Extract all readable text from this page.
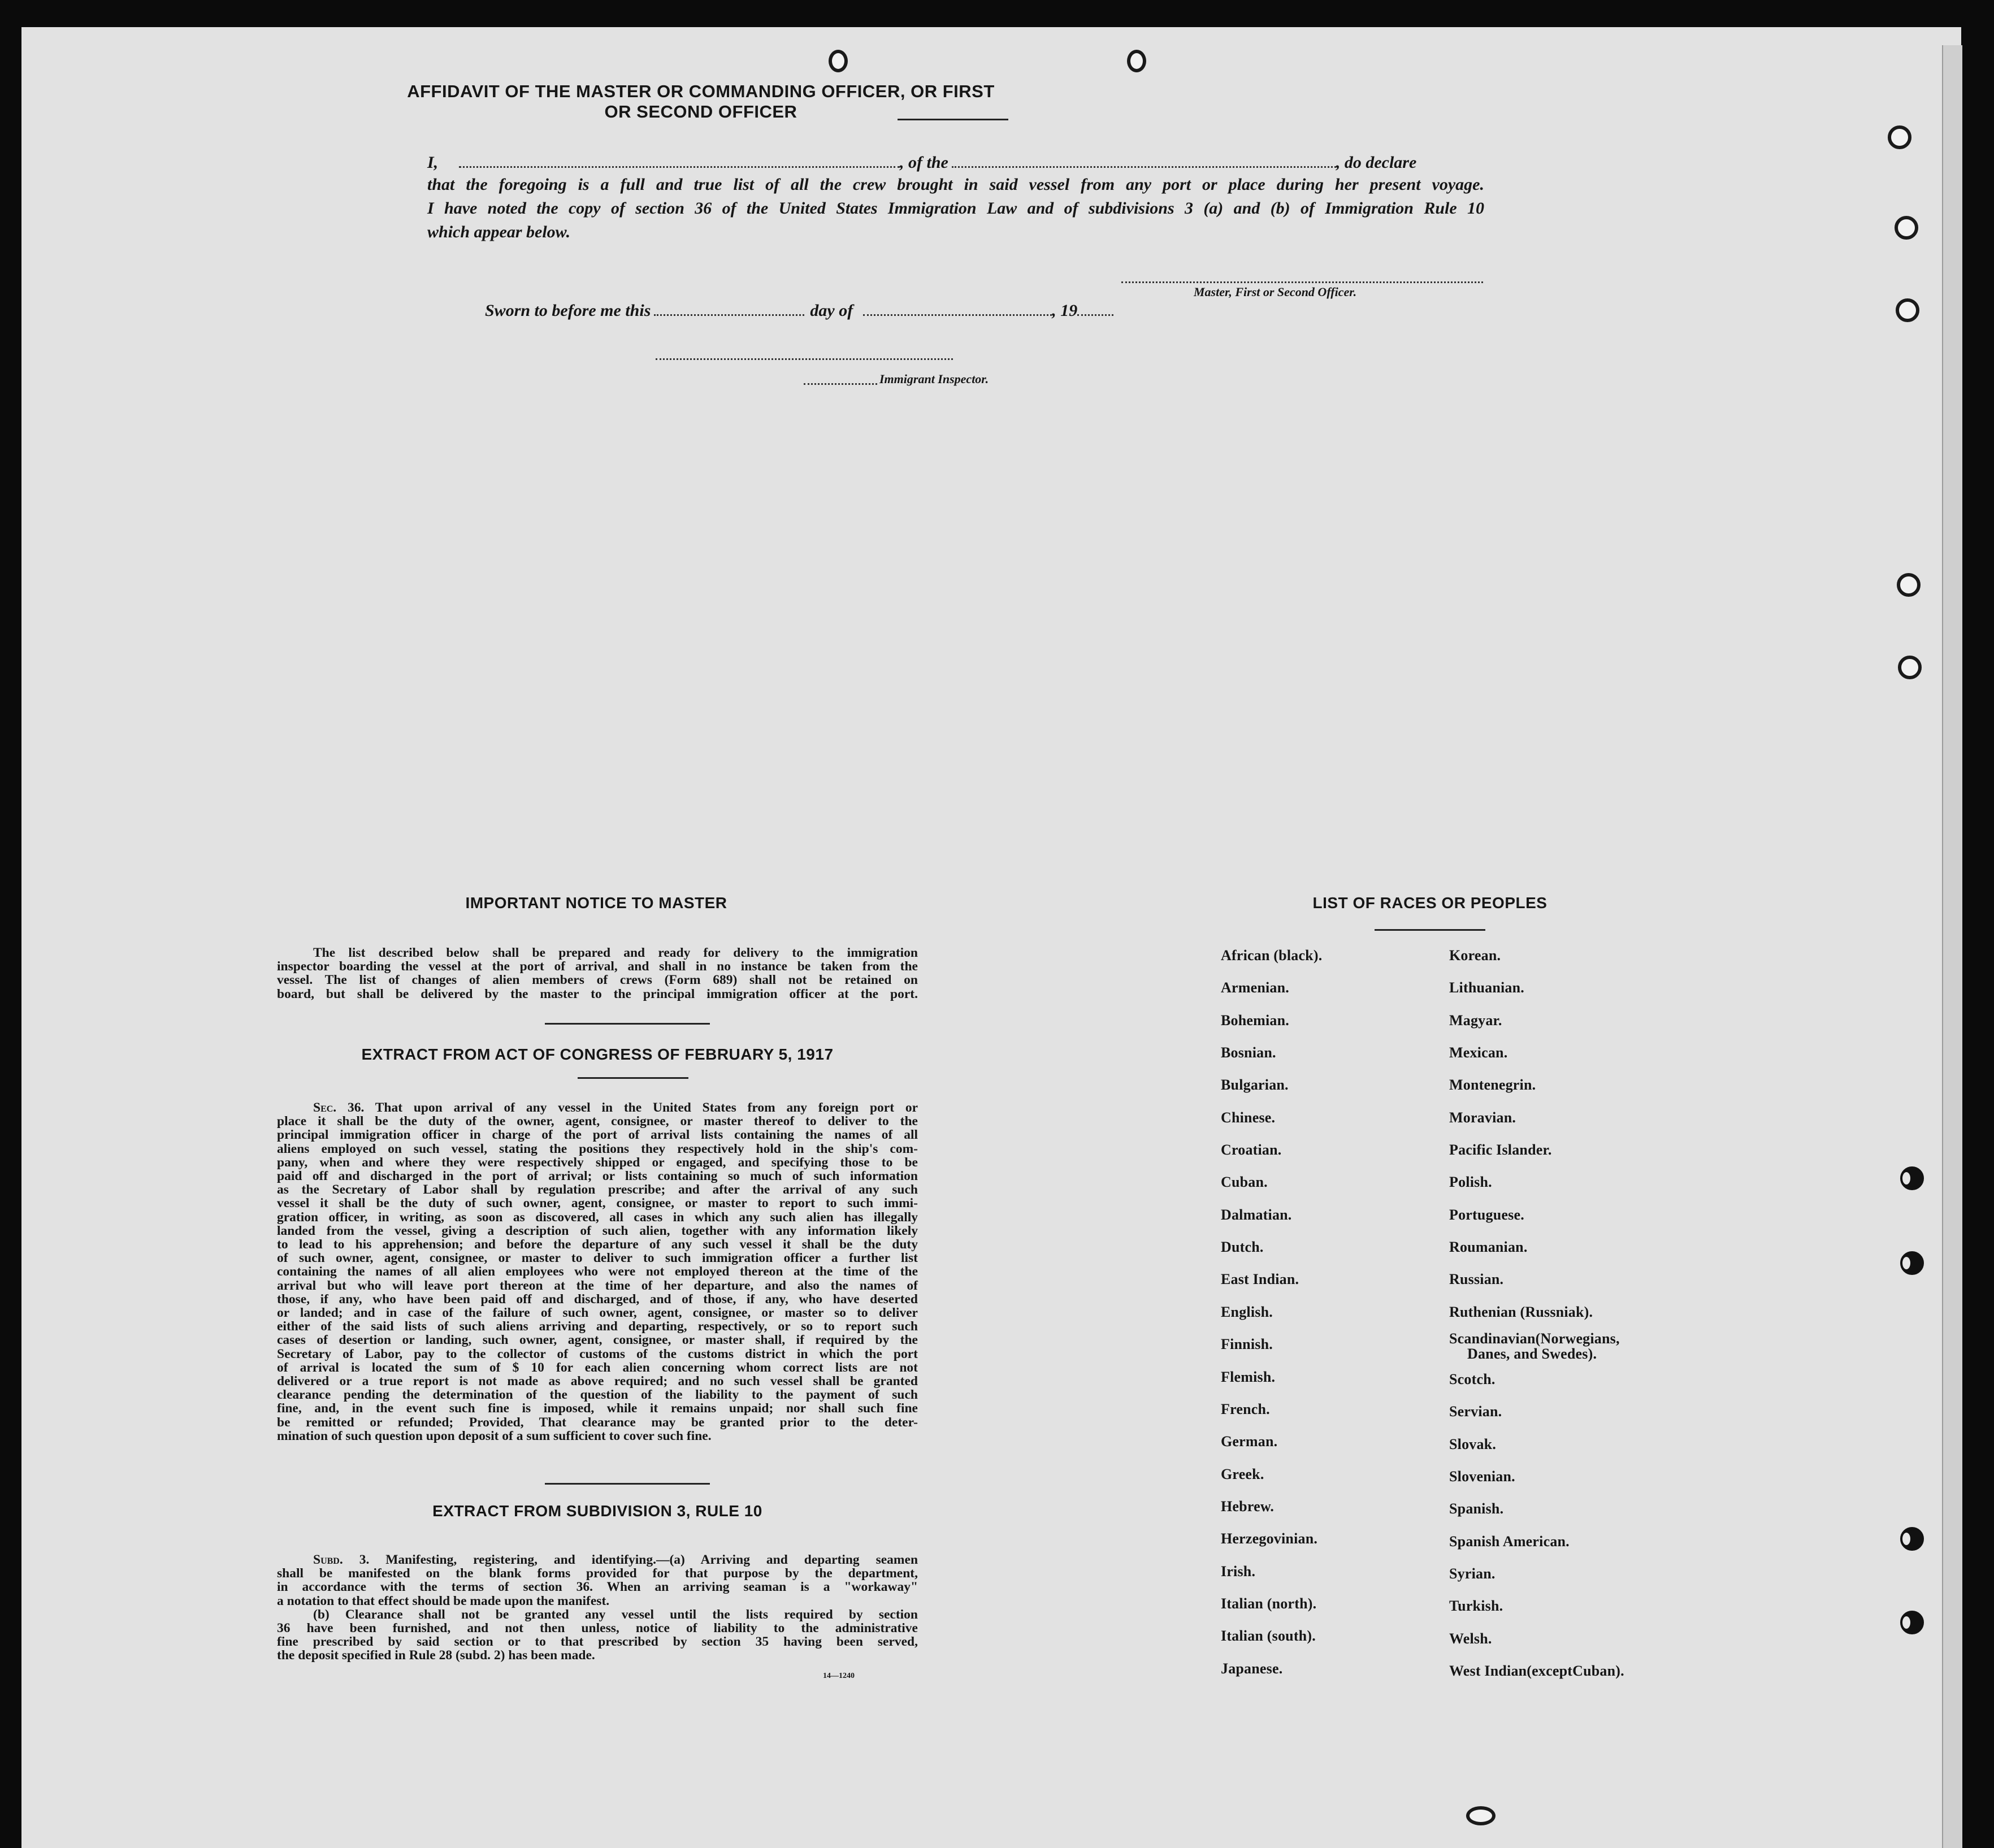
AFFIDAVIT OF THE MASTER OR COMMANDING OFFICER, OR FIRST OR SECOND OFFICER
I,	, of the	, do declare
that the foregoing is a full and true list of all the crew brought in said vessel from any port or place during her present voyage.
I have noted the copy of section 36 of the United States Immigration Law and of subdivisions 3 (a) and (b) of Immigration Rule 10
which appear below.
Master, First or Second Officer.
Sworn to before me this	day of	, 19
Immigrant Inspector.
IMPORTANT NOTICE TO MASTER

The list described below shall be prepared and ready for delivery to the immigration

inspector boarding the vessel at the port of arrival, and shall in no instance be taken from the

vessel. The list of changes of alien members of crews (Form 689) shall not be retained on

board, but shall be delivered by the master to the principal immigration officer at the port.

EXTRACT FROM ACT OF CONGRESS OF FEBRUARY 5, 1917

Sec. 36. That upon arrival of any vessel in the United States from any foreign port or

place it shall be the duty of the owner, agent, consignee, or master thereof to deliver to the

principal immigration officer in charge of the port of arrival lists containing the names of all

aliens employed on such vessel, stating the positions they respectively hold in the ship's com-

pany, when and where they were respectively shipped or engaged, and specifying those to be

paid off and discharged in the port of arrival; or lists containing so much of such information

as the Secretary of Labor shall by regulation prescribe; and after the arrival of any such

vessel it shall be the duty of such owner, agent, consignee, or master to report to such immi-

gration officer, in writing, as soon as discovered, all cases in which any such alien has illegally

landed from the vessel, giving a description of such alien, together with any information likely

to lead to his apprehension; and before the departure of any such vessel it shall be the duty

of such owner, agent, consignee, or master to deliver to such immigration officer a further list

containing the names of all alien employees who were not employed thereon at the time of the

arrival but who will leave port thereon at the time of her departure, and also the names of

those, if any, who have been paid off and discharged, and of those, if any, who have deserted

or landed; and in case of the failure of such owner, agent, consignee, or master so to deliver

either of the said lists of such aliens arriving and departing, respectively, or so to report such

cases of desertion or landing, such owner, agent, consignee, or master shall, if required by the

Secretary of Labor, pay to the collector of customs of the customs district in which the port

of arrival is located the sum of $ 10 for each alien concerning whom correct lists are not

delivered or a true report is not made as above required; and no such vessel shall be granted

clearance pending the determination of the question of the liability to the payment of such

fine, and, in the event such fine is imposed, while it remains unpaid; nor shall such fine

be remitted or refunded; Provided, That clearance may be granted prior to the deter-

mination of such question upon deposit of a sum sufficient to cover such fine.

EXTRACT FROM SUBDIVISION 3, RULE 10

Subd. 3. Manifesting, registering, and identifying.—(a) Arriving and departing seamen

shall be manifested on the blank forms provided for that purpose by the department,

in accordance with the terms of section 36. When an arriving seaman is a "workaway"

a notation to that effect should be made upon the manifest.

(b) Clearance shall not be granted any vessel until the lists required by section

36 have been furnished, and not then unless, notice of liability to the administrative

fine prescribed by said section or to that prescribed by section 35 having been served,

the deposit specified in Rule 28 (subd. 2) has been made.

14—1240
LIST OF RACES OR PEOPLES
African (black).
Armenian.
Bohemian.
Bosnian.
Bulgarian.
Chinese.
Croatian.
Cuban.
Dalmatian.
Dutch.
East Indian.
English.
Finnish.
Flemish.
French.
German.
Greek.
Hebrew.
Herzegovinian.
Irish.
Italian (north).
Italian (south).
Japanese.
Korean.
Lithuanian.
Magyar.
Mexican.
Montenegrin.
Moravian.
Pacific Islander.
Polish.
Portuguese.
Roumanian.
Russian.
Ruthenian (Russniak).
Scandinavian(Norwegians,
Danes, and Swedes).
Scotch.
Servian.
Slovak.
Slovenian.
Spanish.
Spanish American.
Syrian.
Turkish.
Welsh.
West Indian(exceptCuban).
